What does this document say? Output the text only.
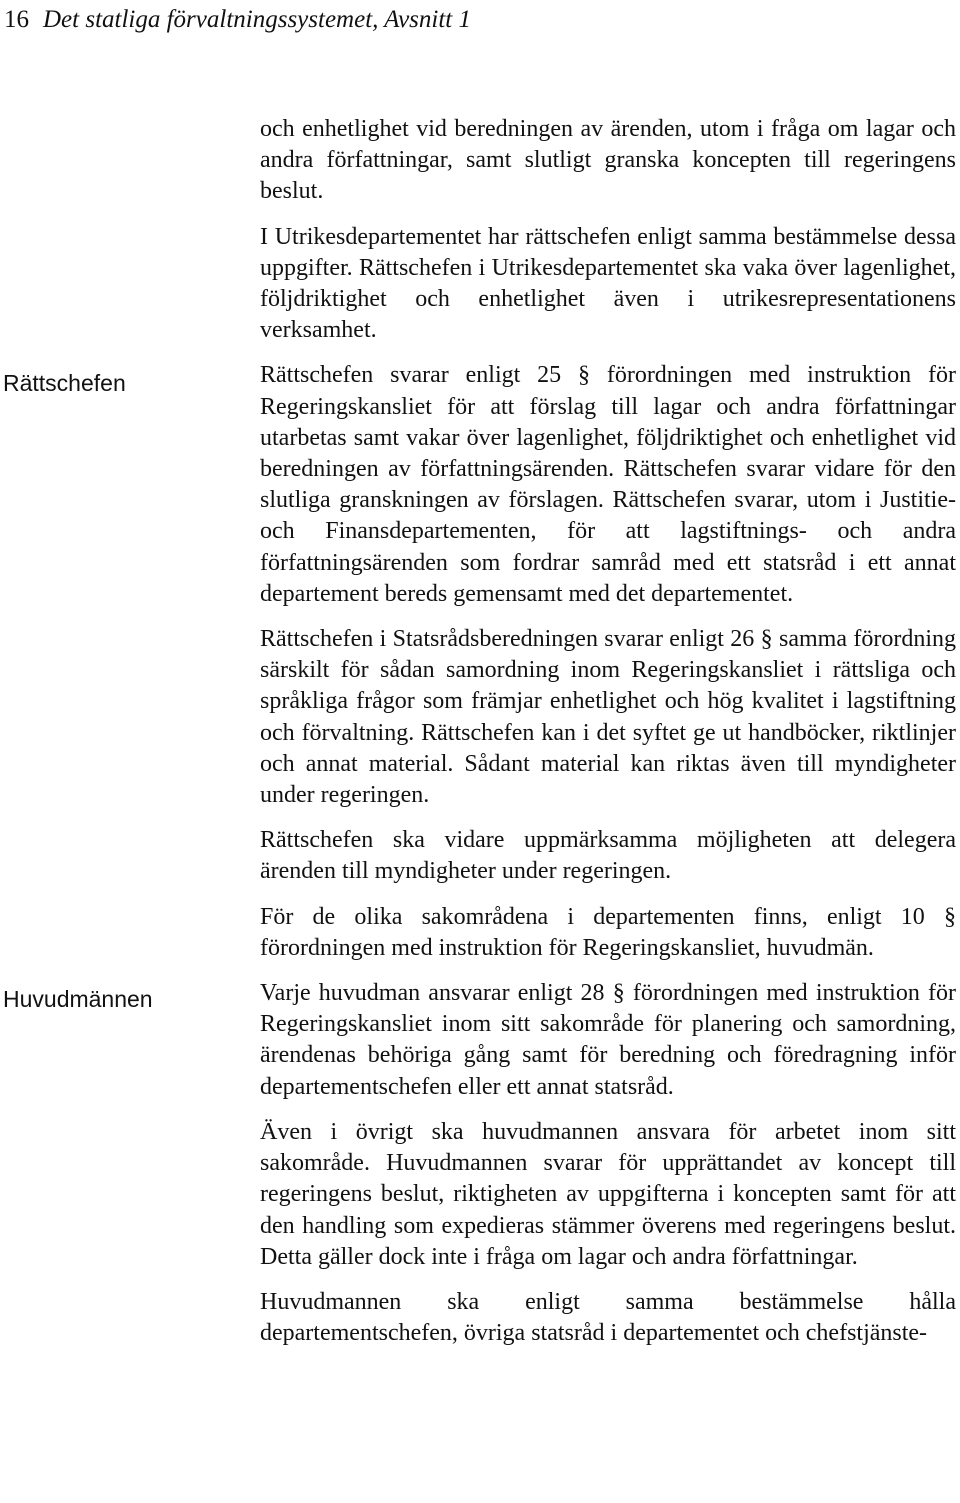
16 Det statliga förvaltningssystemet, Avsnitt 1
Rättschefen
Huvudmännen

och enhetlighet vid beredningen av ärenden, utom i fråga om lagar och andra författningar, samt slutligt granska koncepten till regeringens beslut.

I Utrikesdepartementet har rättschefen enligt samma bestämmelse dessa uppgifter. Rättschefen i Utrikesdepartementet ska vaka över lagenlighet, följdriktighet och enhetlighet även i utrikesrepresentationens verksamhet.

Rättschefen svarar enligt 25 § förordningen med instruktion för Regeringskansliet för att förslag till lagar och andra författningar utarbetas samt vakar över lagenlighet, följdriktighet och enhetlighet vid beredningen av författningsärenden. Rättschefen svarar vidare för den slutliga granskningen av förslagen. Rättschefen svarar, utom i Justitie- och Finansdepartementen, för att lagstiftnings- och andra författningsärenden som fordrar samråd med ett statsråd i ett annat departement bereds gemensamt med det departementet.

Rättschefen i Statsrådsberedningen svarar enligt 26 § samma förordning särskilt för sådan samordning inom Regeringskansliet i rättsliga och språkliga frågor som främjar enhetlighet och hög kvalitet i lagstiftning och förvaltning. Rättschefen kan i det syftet ge ut handböcker, riktlinjer och annat material. Sådant material kan riktas även till myndigheter under regeringen.

Rättschefen ska vidare uppmärksamma möjligheten att delegera ärenden till myndigheter under regeringen.

För de olika sakområdena i departementen finns, enligt 10 § förordningen med instruktion för Regeringskansliet, huvudmän.

Varje huvudman ansvarar enligt 28 § förordningen med instruktion för Regeringskansliet inom sitt sakområde för planering och samordning, ärendenas behöriga gång samt för beredning och föredragning inför departementschefen eller ett annat statsråd.

Även i övrigt ska huvudmannen ansvara för arbetet inom sitt sakområde. Huvudmannen svarar för upprättandet av koncept till regeringens beslut, riktigheten av uppgifterna i koncepten samt för att den handling som expedieras stämmer överens med regeringens beslut. Detta gäller dock inte i fråga om lagar och andra författningar.

Huvudmannen ska enligt samma bestämmelse hålla departementschefen, övriga statsråd i departementet och chefstjänste-
